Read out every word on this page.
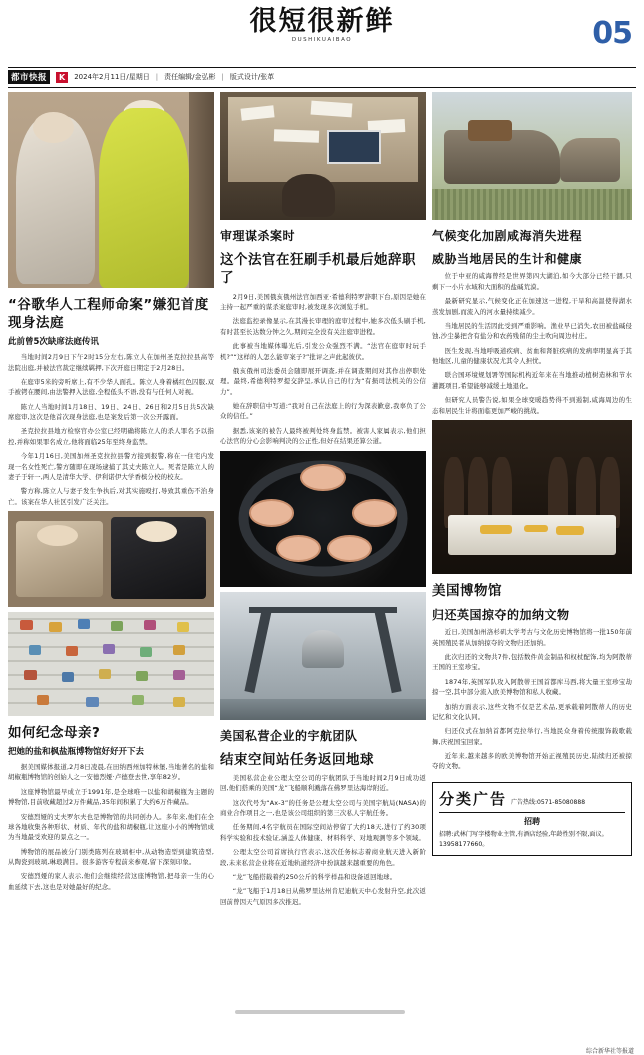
很短很新鲜
DUSHIKUAIBAO	05
都市快报	K	2024年2月11日/星期日 | 责任编辑/金弘彬 | 版式设计/张革
“谷歌华人工程师命案”嫌犯首度现身法庭
此前曾5次缺席法庭传讯
当地时间2月9日下午2时15分左右,陈立人在加州圣克拉拉县高等法院出庭,并被法官裁定继续羁押,下次开庭日期定于2月28日。
在庭审5米的旁听席上,有不少华人面孔。陈立人身着橘红色囚服,双手被铐在腰间,由法警押入法庭,全程低头不语,没有与任何人对视。
陈立人当地时间1月18日、19日、24日、26日和2月5日共5次缺席庭审,这次是他首次现身法庭,也是案发后第一次公开露面。
圣克拉拉县地方检察官办公室已经明确将陈立人的杀人罪名予以指控,并称如果罪名成立,他将面临25年至终身监禁。
今年1月16日,美国加州圣克拉拉县警方接到报警,称在一住宅内发现一名女性死亡,警方随即在现场逮捕了其丈夫陈立人。死者是陈立人的妻子于轩一,两人是清华大学、伊利诺伊大学香槟分校的校友。
警方称,陈立人与妻子发生争执后,对其实施殴打,导致其重伤不治身亡。该案在华人社区引发广泛关注。
如何纪念母亲?
把她的盐和枫盐瓶博物馆好好开下去
据美国媒体报道,2月8日凌晨,在田纳西州加特林堡,当地著名的盐和胡椒瓶博物馆的创始人之一安德烈娅·卢德登去世,享年82岁。
这座博物馆最早成立于1991年,是全球唯一以盐和胡椒瓶为主题的博物馆,目前收藏超过2万件藏品,35年间积累了大约6万件藏品。
安德烈娅的丈夫罗尔夫也是博物馆的共同创办人。多年来,他们在全球各地收集各种形状、材质、年代的盐和胡椒瓶,让这座小小的博物馆成为当地最受欢迎的景点之一。
博物馆的展品被分门别类陈列在玻璃柜中,从动物造型到建筑造型,从陶瓷到玻璃,琳琅满目。很多游客专程前来参观,留下深刻印象。
安德烈娅的家人表示,他们会继续经营这座博物馆,把母亲一生的心血延续下去,这也是对她最好的纪念。
审理谋杀案时
这个法官在狂刷手机最后她辞职了
2月9日,美国俄亥俄州法官加西亚·希德利特罗辞职下台,原因是她在主持一起严重的谋杀案庭审时,被发现多次浏览手机。
法庭监控录像显示,在其漫长审理的庭审过程中,她多次低头刷手机,有时甚至长达数分钟之久,期间完全没有关注庭审进程。
此事被当地媒体曝光后,引发公众强烈不满。“法官在庭审时玩手机?”“这样的人怎么能审案子?”批评之声此起彼伏。
俄亥俄州司法委员会随即展开调查,并在调查期间对其作出停职处理。最终,希德利特罗提交辞呈,承认自己的行为“有损司法机关的公信力”。
她在辞职信中写道:“我对自己在法庭上的行为深表歉意,我辜负了公众的信任。”
据悉,该案的被告人最终被判处终身监禁。被害人家属表示,他们担心法官的分心会影响判决的公正性,但好在结果还算公道。
美国私营企业的宇航团队
结束空间站任务返回地球
美国私营企业公理太空公司的宇航团队于当地时间2月9日成功返回,他们搭乘的美国“龙”飞船顺利溅落在佛罗里达海岸附近。
这次代号为“Ax-3”的任务是公理太空公司与美国宇航局(NASA)的商业合作项目之一,也是该公司组织的第三次私人宇航任务。
任务期间,4名宇航员在国际空间站停留了大约18天,进行了约30项科学实验和技术验证,涵盖人体健康、材料科学、对地观测等多个领域。
公理太空公司首席执行官表示,这次任务标志着商业航天进入新阶段,未来私营企业将在近地轨道经济中扮演越来越重要的角色。
“龙”飞船搭载着约250公斤的科学样品和设备返回地球。
“龙”飞船于1月18日从佛罗里达州肯尼迪航天中心发射升空,此次返回前曾因天气原因多次推迟。
气候变化加剧咸海消失进程
威胁当地居民的生计和健康
位于中亚的咸海曾经是世界第四大湖泊,如今大部分已经干涸,只剩下一小片水域和大面积的盐碱荒漠。
最新研究显示,气候变化正在加速这一进程,干旱和高温使得湖水蒸发加剧,而流入的河水量持续减少。
当地居民的生活因此受到严重影响。渔业早已消失,农田被盐碱侵蚀,沙尘暴把含有盐分和农药残留的尘土吹向周边村庄。
医生发现,当地呼吸道疾病、贫血和肾脏疾病的发病率明显高于其他地区,儿童的健康状况尤其令人担忧。
联合国环境规划署等国际机构近年来在当地推动植树造林和节水灌溉项目,希望能够减缓土地退化。
但研究人员警告说,如果全球变暖趋势得不到遏制,咸海周边的生态和居民生计将面临更加严峻的挑战。
美国博物馆
归还英国掠夺的加纳文物
近日,美国加州洛杉矶大学考古与文化历史博物馆将一批150年前英国殖民者从加纳掠夺的文物归还加纳。
此次归还的文物共7件,包括数件黄金制品和权杖配饰,均为阿散蒂王国的王室珍宝。
1874年,英国军队攻入阿散蒂王国首都库马西,将大量王室珍宝劫掠一空,其中部分流入欧美博物馆和私人收藏。
加纳方面表示,这些文物不仅是艺术品,更承载着阿散蒂人的历史记忆和文化认同。
归还仪式在加纳首都阿克拉举行,当地民众身着传统服饰载歌载舞,庆祝国宝回家。
近年来,越来越多的欧美博物馆开始正视殖民历史,陆续归还被掠夺的文物。
分类广告 广告热线:0571-85080888
招聘
招聘:武林门写字楼物业主管,有酒店经验,年龄性别不限,面议。13958177660。
综合新华社等报道
